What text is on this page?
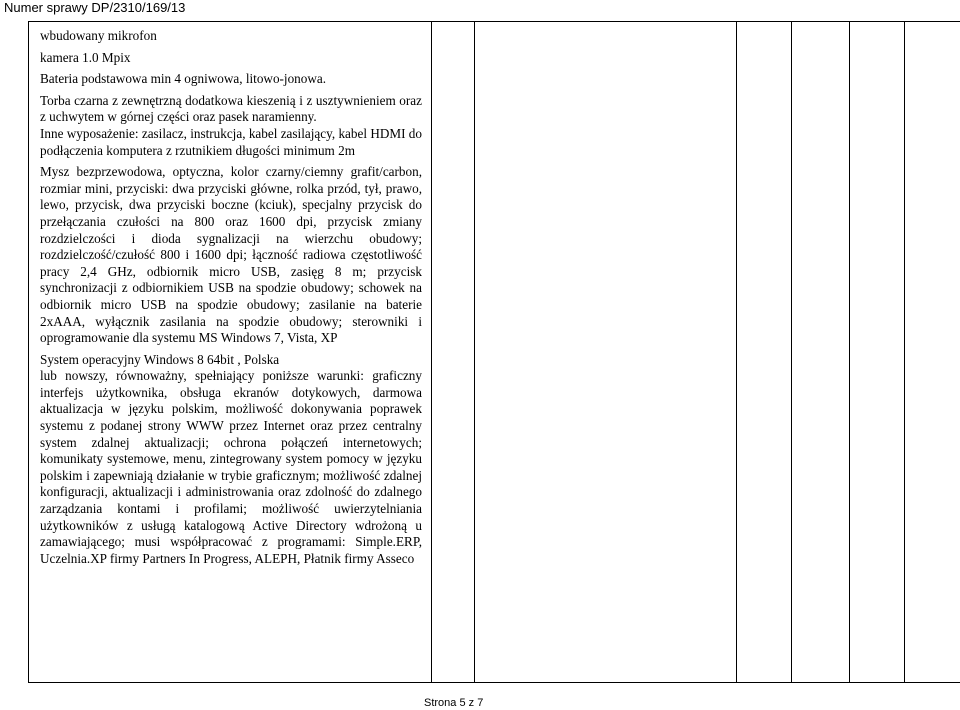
Numer sprawy DP/2310/169/13

wbudowany mikrofon

kamera 1.0 Mpix

Bateria podstawowa min 4 ogniwowa, litowo-jonowa.

Torba czarna z zewnętrzną dodatkowa kieszenią i z usztywnieniem oraz z uchwytem w górnej części oraz pasek naramienny.

Inne wyposażenie: zasilacz, instrukcja, kabel zasilający, kabel HDMI do podłączenia komputera z rzutnikiem długości minimum 2m

Mysz bezprzewodowa, optyczna, kolor czarny/ciemny grafit/carbon, rozmiar mini, przyciski: dwa przyciski główne, rolka przód, tył, prawo, lewo, przycisk, dwa przyciski boczne (kciuk), specjalny przycisk do przełączania czułości na 800 oraz 1600 dpi, przycisk zmiany rozdzielczości i dioda sygnalizacji na wierzchu obudowy; rozdzielczość/czułość 800 i 1600 dpi; łączność radiowa częstotliwość pracy 2,4 GHz, odbiornik micro USB, zasięg 8 m; przycisk synchronizacji z odbiornikiem USB na spodzie obudowy; schowek na odbiornik micro USB na spodzie obudowy; zasilanie na baterie 2xAAA, wyłącznik zasilania na spodzie obudowy; sterowniki i oprogramowanie dla systemu MS Windows 7, Vista, XP

System operacyjny Windows 8 64bit , Polska

lub nowszy, równoważny, spełniający poniższe warunki: graficzny interfejs użytkownika, obsługa ekranów dotykowych, darmowa aktualizacja w języku polskim, możliwość dokonywania poprawek systemu z podanej strony WWW przez Internet oraz przez centralny system zdalnej aktualizacji; ochrona połączeń internetowych; komunikaty systemowe, menu, zintegrowany system pomocy w języku polskim i zapewniają działanie w trybie graficznym; możliwość zdalnej konfiguracji, aktualizacji i administrowania oraz zdolność do zdalnego zarządzania kontami i profilami; możliwość uwierzytelniania użytkowników z usługą katalogową Active Directory wdrożoną u zamawiającego; musi współpracować z programami: Simple.ERP, Uczelnia.XP firmy Partners In Progress, ALEPH, Płatnik firmy Asseco

Strona 5 z 7
